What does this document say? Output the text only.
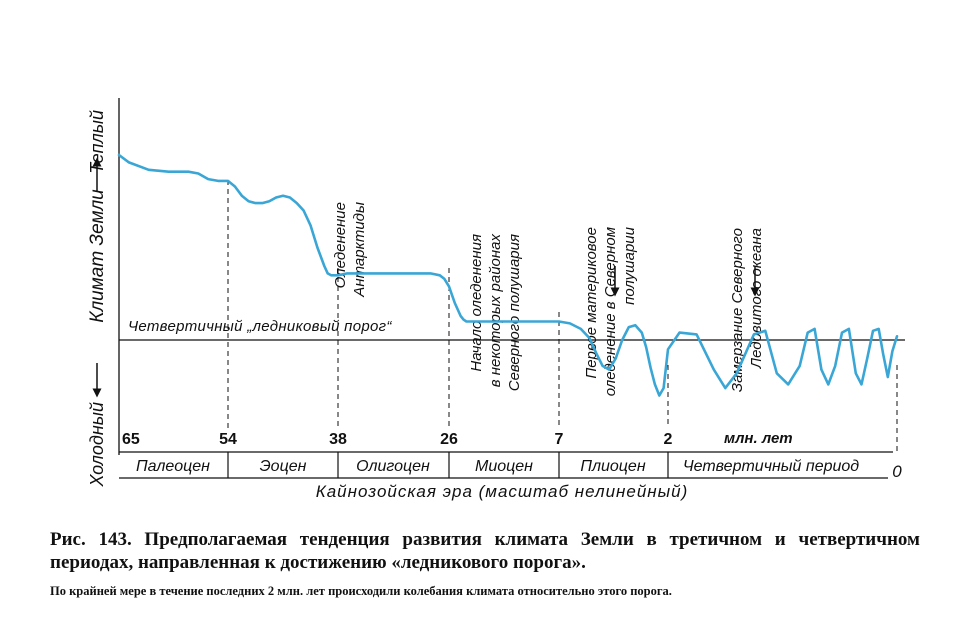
Теплый
Климат Земли
Холодный
Четвертичный „ледниковый порог“
65	54	38	26	7	2	млн. лет
0
Палеоцен	Эоцен	Олигоцен	Миоцен	Плиоцен Четвертичный период
Кайнозойская эра (масштаб нелинейный)
Оледенение Антарктиды	Начало оледенения в некоторых районах Северного полушария	Первое материковое оледенение в Северном полушарии	Замерзание Северного Ледовитого океана
Рис. 143. Предполагаемая тенденция развития климата Земли в третичном и четвертичном периодах, направленная к достижению «ледникового порога».
По крайней мере в течение последних 2 млн. лет происходили колебания климата относительно этого порога.
